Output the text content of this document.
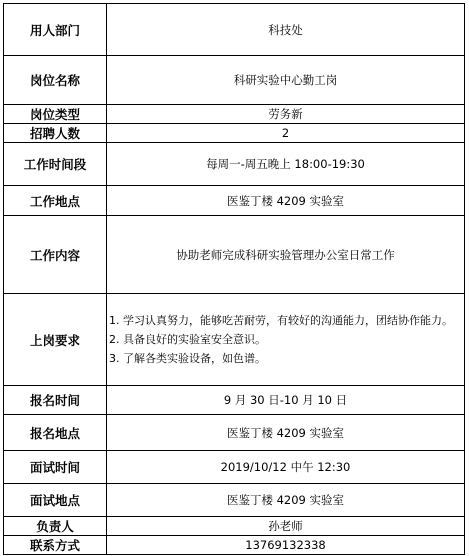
用人部门	科技处
岗位名称	科研实验中心勤工岗
岗位类型	劳务新
招聘人数	2
工作时间段	每周一-周五晚上 18:00-19:30
工作地点	医鉴丁楼 4209 实验室
工作内容	协助老师完成科研实验管理办公室日常工作
上岗要求	1. 学习认真努力，能够吃苦耐劳，有较好的沟通能力，团结协作能力。
2. 具备良好的实验室安全意识。
3. 了解各类实验设备，如色谱。

报名时间	9 月 30 日-10 月 10 日
报名地点	医鉴丁楼 4209 实验室
面试时间	2019/10/12 中午 12:30
面试地点	医鉴丁楼 4209 实验室
负责人	孙老师
联系方式	13769132338
